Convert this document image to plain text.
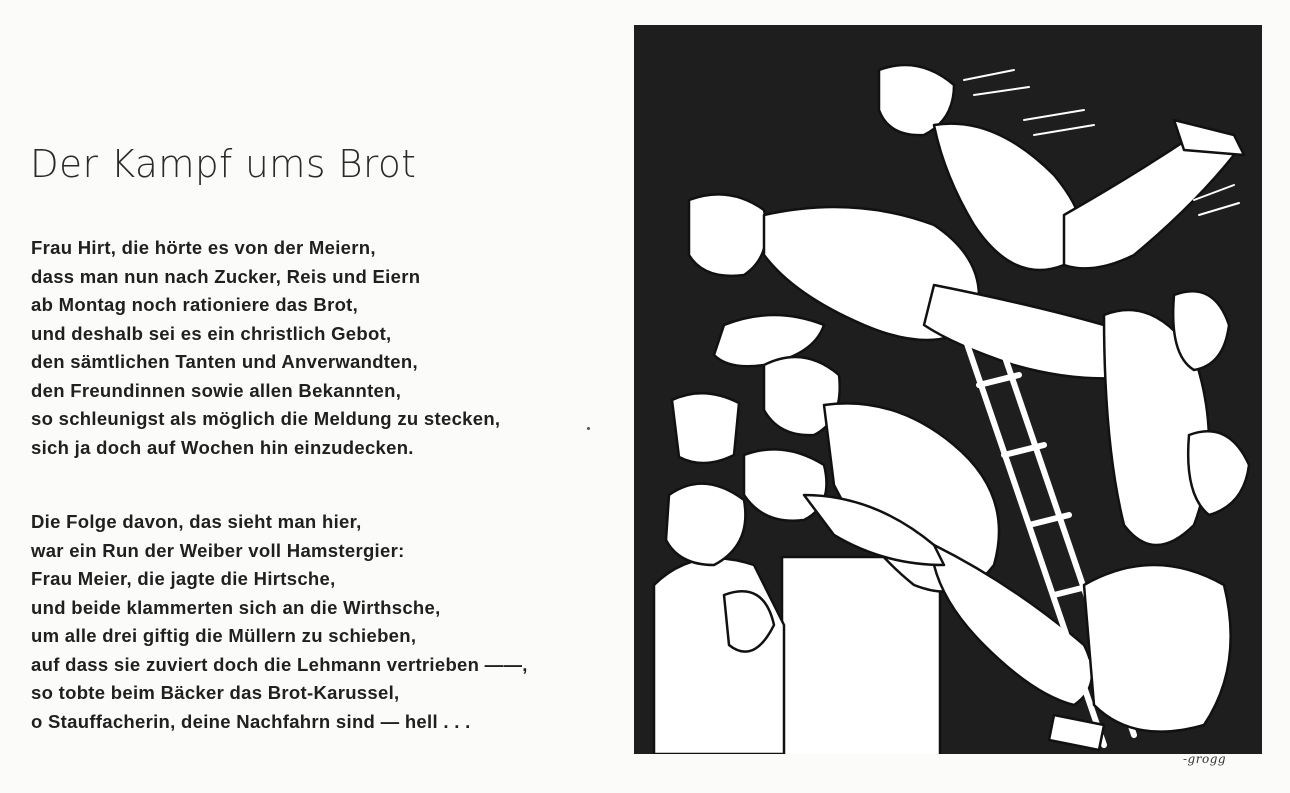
Der Kampf ums Brot
Frau Hirt, die hörte es von der Meiern,
dass man nun nach Zucker, Reis und Eiern
ab Montag noch rationiere das Brot,
und deshalb sei es ein christlich Gebot,
den sämtlichen Tanten und Anverwandten,
den Freundinnen sowie allen Bekannten,
so schleunigst als möglich die Meldung zu stecken,
sich ja doch auf Wochen hin einzudecken.
Die Folge davon, das sieht man hier,
war ein Run der Weiber voll Hamstergier:
Frau Meier, die jagte die Hirtsche,
und beide klammerten sich an die Wirthsche,
um alle drei giftig die Müllern zu schieben,
auf dass sie zuviert doch die Lehmann vertrieben ——,
so tobte beim Bäcker das Brot-Karussel,
o Stauffacherin, deine Nachfahrn sind — hell . . .
-grogg
